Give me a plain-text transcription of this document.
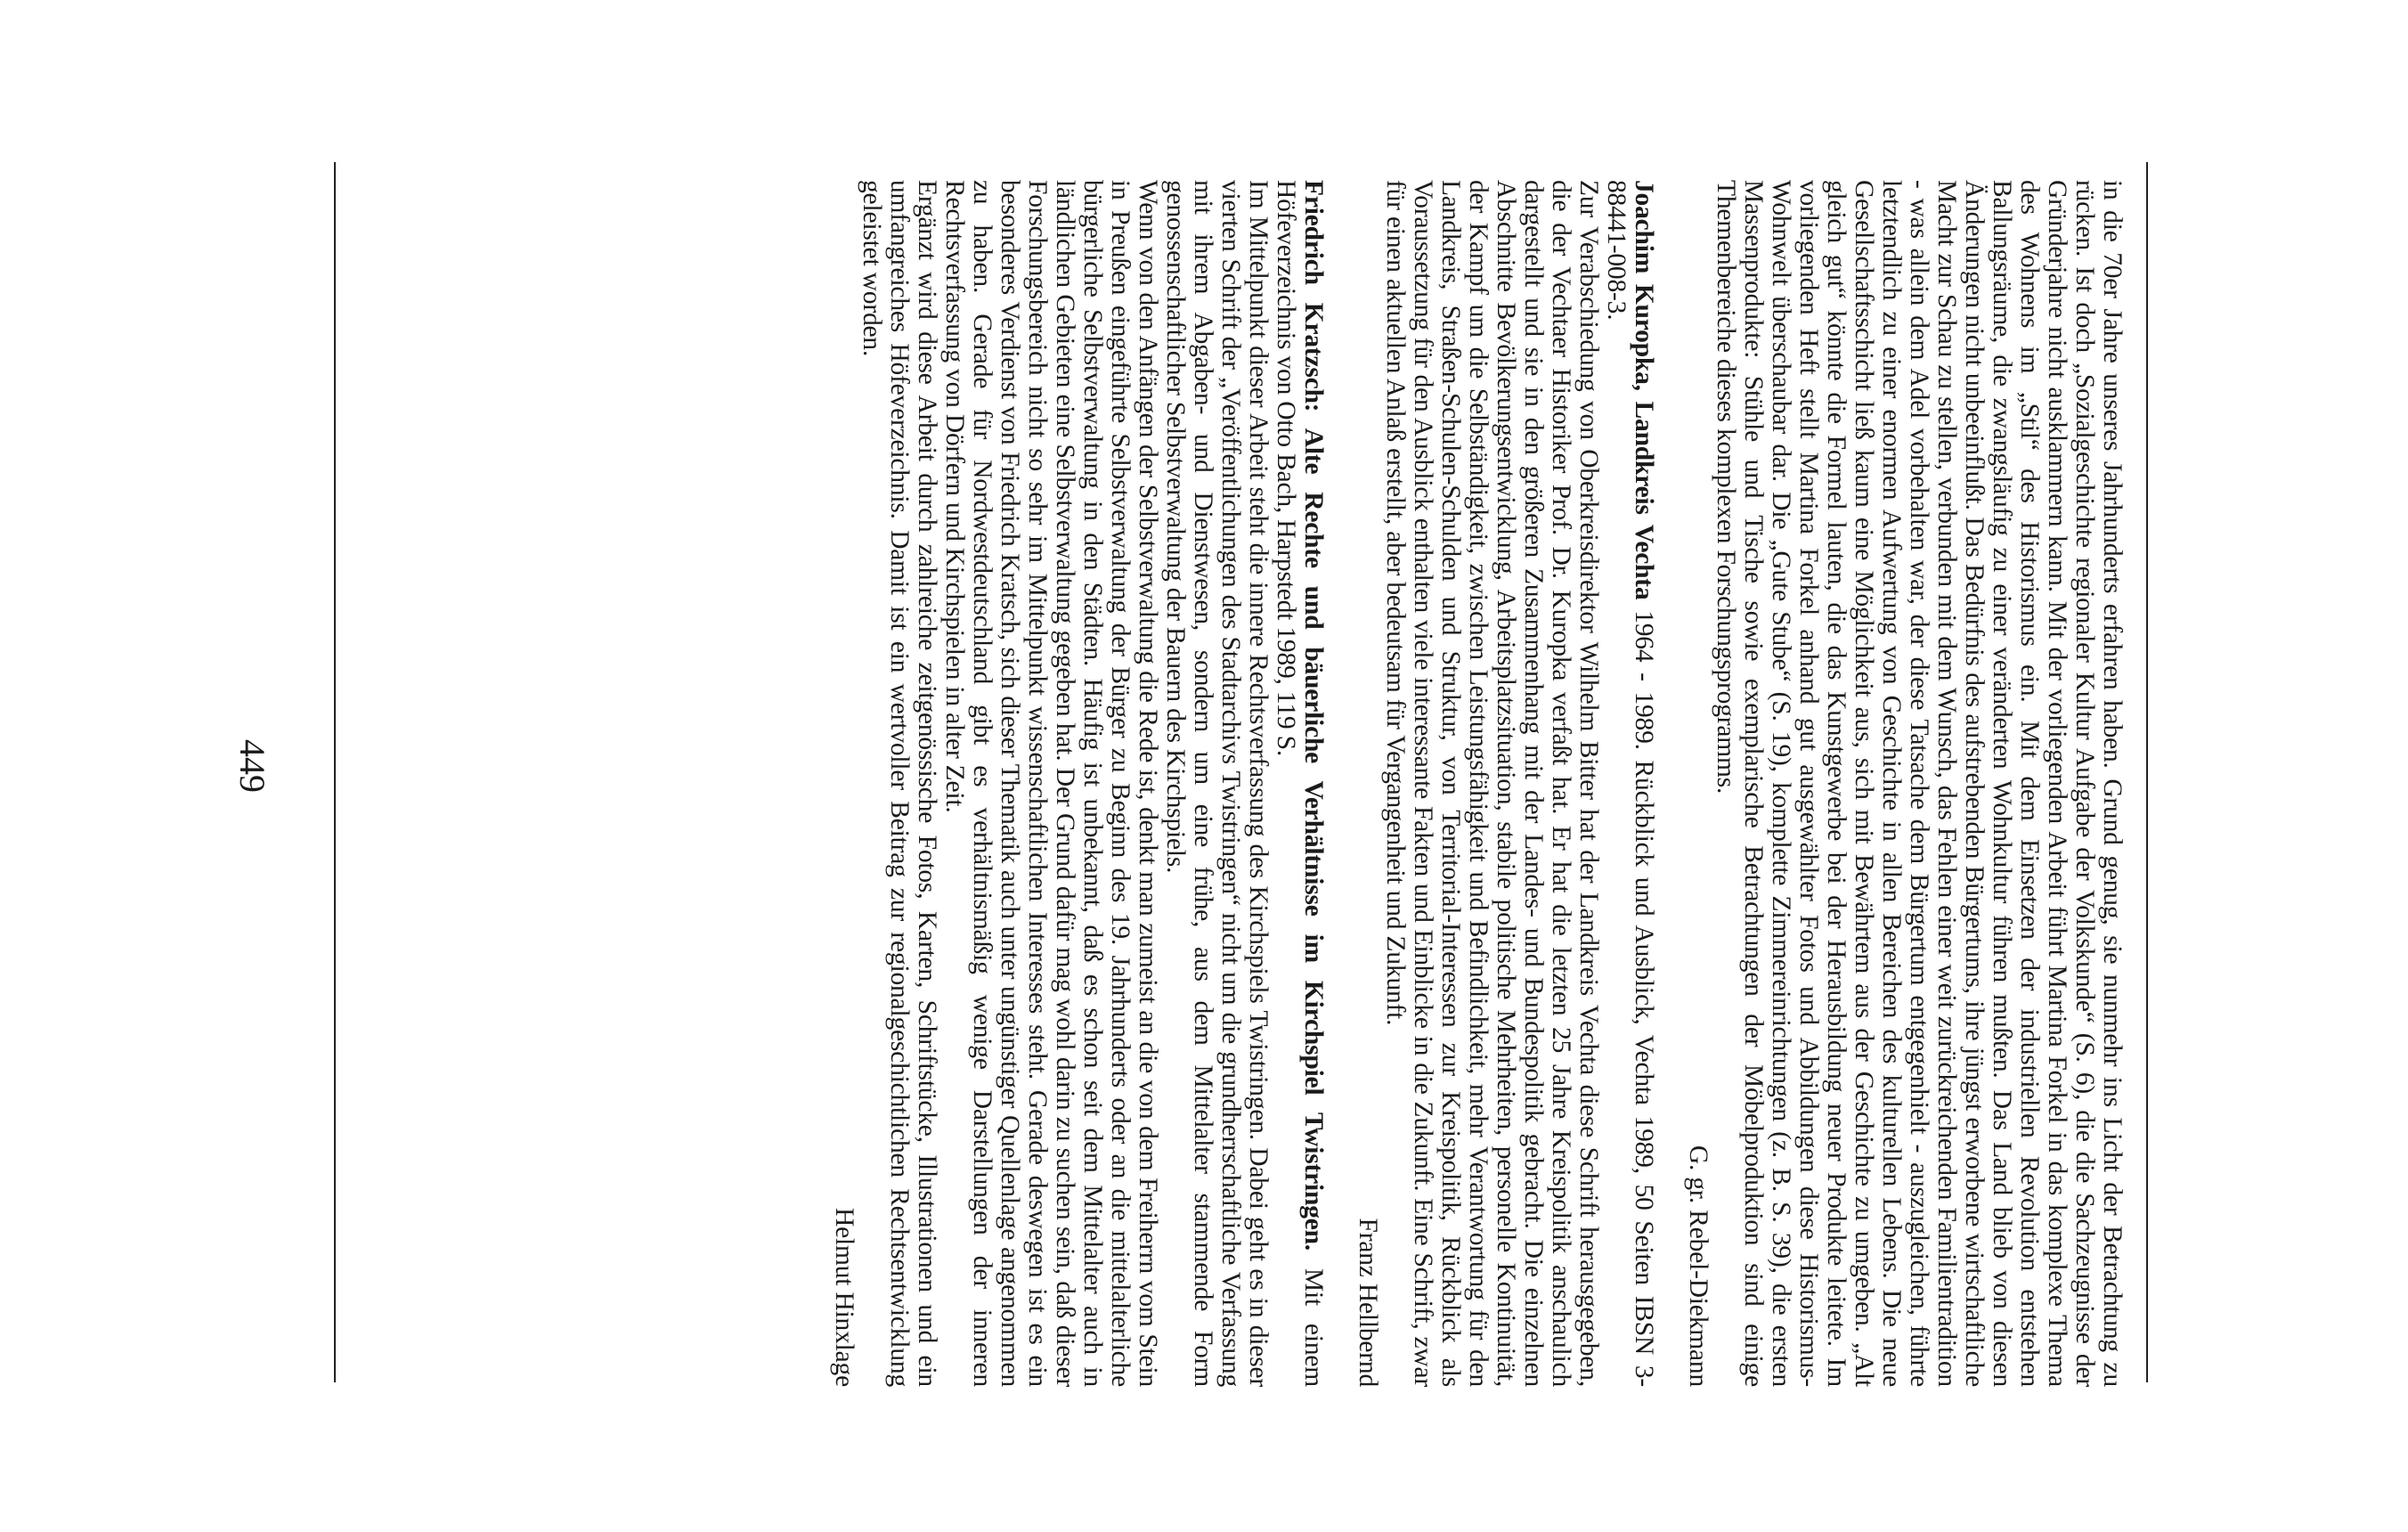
in die 70er Jahre unseres Jahrhunderts erfahren haben. Grund genug, sie nunmehr ins Licht der Betrachtung zu rücken. Ist doch „Sozialgeschichte regionaler Kultur Aufgabe der Volkskunde“ (S. 6), die die Sachzeugnisse der Gründerjahre nicht ausklammern kann. Mit der vorliegenden Arbeit führt Martina Forkel in das komplexe Thema des Wohnens im „Stil“ des Historismus ein. Mit dem Einsetzen der industriellen Revolution entstehen Ballungsräume, die zwangsläufig zu einer veränderten Wohnkultur führen mußten. Das Land blieb von diesen Änderungen nicht unbeeinflußt. Das Bedürfnis des aufstrebenden Bürgertums, ihre jüngst erworbene wirtschaftliche Macht zur Schau zu stellen, verbunden mit dem Wunsch, das Fehlen einer weit zurückreichenden Familientradition - was allein dem Adel vorbehalten war, der diese Tatsache dem Bürgertum entgegenhielt - auszugleichen, führte letztendlich zu einer enormen Aufwertung von Geschichte in allen Bereichen des kulturellen Lebens. Die neue Gesellschaftsschicht ließ kaum eine Möglichkeit aus, sich mit Bewährtem aus der Geschichte zu umgeben. „Alt gleich gut“ könnte die Formel lauten, die das Kunstgewerbe bei der Herausbildung neuer Produkte leitete. Im vorliegenden Heft stellt Martina Forkel anhand gut ausgewählter Fotos und Abbildungen diese Historismus-Wohnwelt überschaubar dar. Die „Gute Stube“ (S. 19), komplette Zimmereinrichtungen (z. B. S. 39), die ersten Massenprodukte: Stühle und Tische sowie exemplarische Betrachtungen der Möbelproduktion sind einige Themenbereiche dieses komplexen Forschungsprogramms.

G. gr. Rebel-Diekmann

Joachim Kuropka, Landkreis Vechta 1964 - 1989. Rückblick und Ausblick, Vechta 1989, 50 Seiten IBSN 3-88441-008-3.

Zur Verabschiedung von Oberkreisdirektor Wilhelm Bitter hat der Landkreis Vechta diese Schrift herausgegeben, die der Vechtaer Historiker Prof. Dr. Kuropka verfaßt hat. Er hat die letzten 25 Jahre Kreispolitik anschaulich dargestellt und sie in den größeren Zusammenhang mit der Landes- und Bundespolitik gebracht. Die einzelnen Abschnitte Bevölkerungsentwicklung, Arbeitsplatzsituation, stabile politische Mehrheiten, personelle Kontinuität, der Kampf um die Selbständigkeit, zwischen Leistungsfähigkeit und Befindlichkeit, mehr Verantwortung für den Landkreis, Straßen-Schulen-Schulden und Struktur, von Territorial-Interessen zur Kreispolitik, Rückblick als Voraussetzung für den Ausblick enthalten viele interessante Fakten und Einblicke in die Zukunft. Eine Schrift, zwar für einen aktuellen Anlaß erstellt, aber bedeutsam für Vergangenheit und Zukunft.

Franz Hellbernd

Friedrich Kratzsch: Alte Rechte und bäuerliche Verhältnisse im Kirchspiel Twistringen. Mit einem Höfeverzeichnis von Otto Bach, Harpstedt 1989, 119 S.

Im Mittelpunkt dieser Arbeit steht die innere Rechtsverfassung des Kirchspiels Twistringen. Dabei geht es in dieser vierten Schrift der „Veröffentlichungen des Stadtarchivs Twistringen“ nicht um die grundherrschaftliche Verfassung mit ihrem Abgaben- und Dienstwesen, sondern um eine frühe, aus dem Mittelalter stammende Form genossenschaftlicher Selbstverwaltung der Bauern des Kirchspiels.

Wenn von den Anfängen der Selbstverwaltung die Rede ist, denkt man zumeist an die von dem Freiherrn vom Stein in Preußen eingeführte Selbstverwaltung der Bürger zu Beginn des 19. Jahrhunderts oder an die mittelalterliche bürgerliche Selbstverwaltung in den Städten. Häufig ist unbekannt, daß es schon seit dem Mittelalter auch in ländlichen Gebieten eine Selbstverwaltung gegeben hat. Der Grund dafür mag wohl darin zu suchen sein, daß dieser Forschungsbereich nicht so sehr im Mittelpunkt wissenschaftlichen Interesses steht. Gerade deswegen ist es ein besonderes Verdienst von Friedrich Kratsch, sich dieser Thematik auch unter ungünstiger Quellenlage angenommen zu haben. Gerade für Nordwestdeutschland gibt es verhältnismäßig wenige Darstellungen der inneren Rechtsverfassung von Dörfern und Kirchspielen in alter Zeit.

Ergänzt wird diese Arbeit durch zahlreiche zeitgenössische Fotos, Karten, Schriftstücke, Illustrationen und ein umfangreiches Höfeverzeichnis. Damit ist ein wertvoller Beitrag zur regionalgeschichtlichen Rechtsentwicklung geleistet worden.

Helmut Hinxlage

449
